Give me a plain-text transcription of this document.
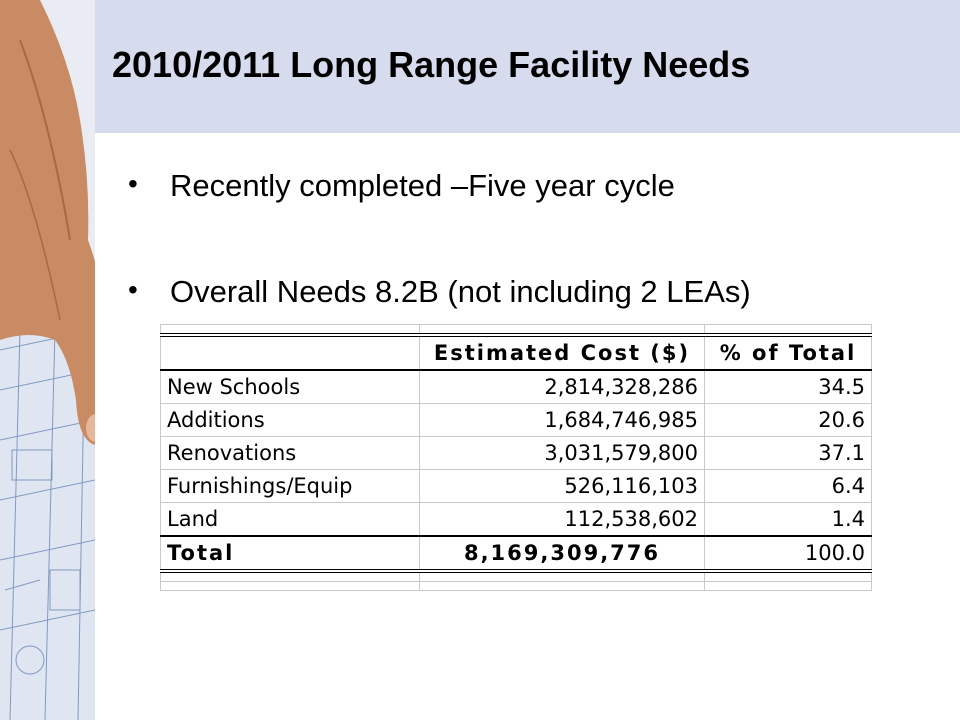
2010/2011 Long Range Facility Needs
• Recently completed –Five year cycle
• Overall Needs 8.2B (not including 2 LEAs)

	Estimated Cost ($)	% of Total
New Schools	2,814,328,286	34.5
Additions	1,684,746,985	20.6
Renovations	3,031,579,800	37.1
Furnishings/Equip	526,116,103	6.4
Land	112,538,602	1.4
Total	8,169,309,776	100.0
